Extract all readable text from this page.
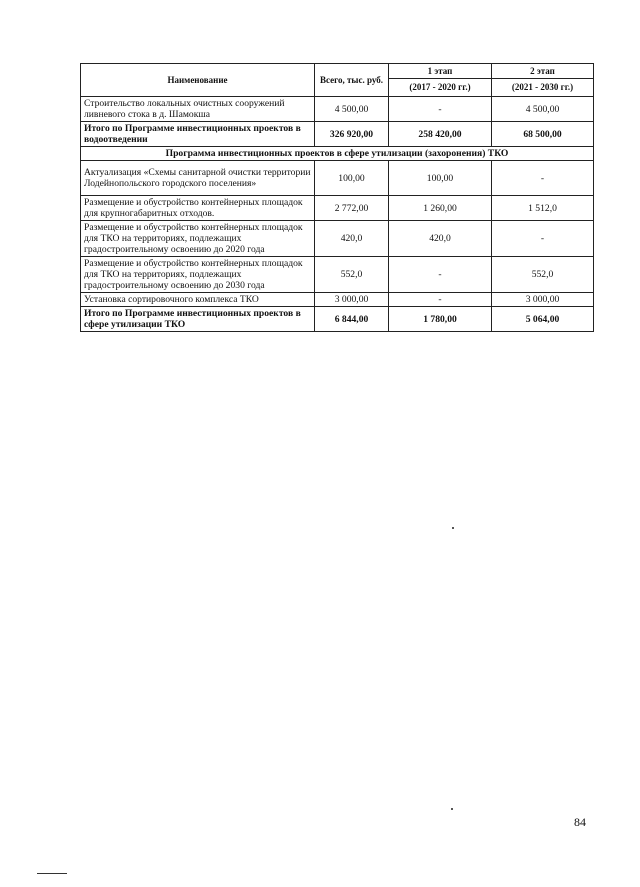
Наименование	Всего, тыс. руб.	1 этап	2 этап
		(2017 - 2020 гг.)	(2021 - 2030 гг.)
Строительство локальных очистных сооружений ливневого стока в д. Шамокша	4 500,00	-	4 500,00
Итого по Программе инвестиционных проектов в водоотведении	326 920,00	258 420,00	68 500,00
Программа инвестиционных проектов в сфере утилизации (захоронения) ТКО			
Актуализация «Схемы санитарной очистки территории Лодейнопольского городского поселения»	100,00	100,00	-
Размещение и обустройство контейнерных площадок для крупногабаритных отходов.	2 772,00	1 260,00	1 512,0
Размещение и обустройство контейнерных площадок для ТКО на территориях, подлежащих градостроительному освоению до 2020 года	420,0	420,0	-
Размещение и обустройство контейнерных площадок для ТКО на территориях, подлежащих градостроительному освоению до 2030 года	552,0	-	552,0
Установка сортировочного комплекса ТКО	3 000,00	-	3 000,00
Итого по Программе инвестиционных проектов в сфере утилизации ТКО	6 844,00	1 780,00	5 064,00
84
